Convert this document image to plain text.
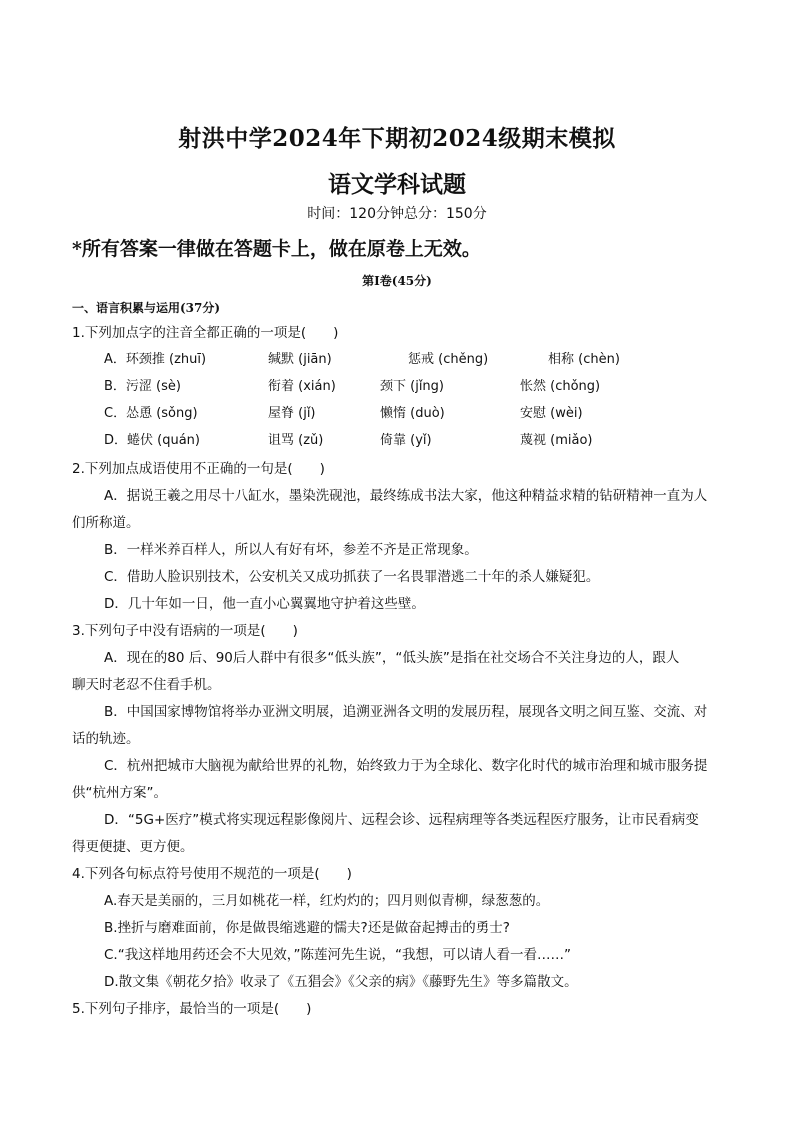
射洪中学2024年下期初2024级期末模拟
语文学科试题
时间：120分钟总分：150分
*所有答案一律做在答题卡上，做在原卷上无效。
第Ⅰ卷(45分)
一、语言积累与运用(37分)
1.下列加点字的注音全都正确的一项是(　　)
A．环颈推 (zhuī)	缄默 (jiān)	惩戒 (chěng)	相称 (chèn)
B．污涩 (sè)	衔着 (xián)	颈下 (jǐng)	怅然 (chǒng)
C．怂恿 (sǒng)	屋脊 (jǐ)	懒惰 (duò)	安慰 (wèi)
D．蜷伏 (quán)	诅骂 (zǔ)	倚靠 (yǐ)	蔑视 (miǎo)
2.下列加点成语使用不正确的一句是(　　)
A．据说王羲之用尽十八缸水，墨染洗砚池，最终练成书法大家，他这种精益求精的钻研精神一直为人
们所称道。
B．一样米养百样人，所以人有好有坏，参差不齐是正常现象。
C．借助人脸识别技术，公安机关又成功抓获了一名畏罪潜逃二十年的杀人嫌疑犯。
D．几十年如一日，他一直小心翼翼地守护着这些壁。
3.下列句子中没有语病的一项是(　　)
A．现在的80 后、90后人群中有很多“低头族”，“低头族”是指在社交场合不关注身边的人，跟人
聊天时老忍不住看手机。
B．中国国家博物馆将举办亚洲文明展，追溯亚洲各文明的发展历程，展现各文明之间互鉴、交流、对
话的轨迹。
C．杭州把城市大脑视为献给世界的礼物，始终致力于为全球化、数字化时代的城市治理和城市服务提
供“杭州方案”。
D．“5G+医疗”模式将实现远程影像阅片、远程会诊、远程病理等各类远程医疗服务，让市民看病变
得更便捷、更方便。
4.下列各句标点符号使用不规范的一项是(　　)
A.春天是美丽的，三月如桃花一样，红灼灼的；四月则似青柳，绿葱葱的。
B.挫折与磨难面前，你是做畏缩逃避的懦夫?还是做奋起搏击的勇士?
C.“我这样地用药还会不大见效，”陈莲河先生说，“我想，可以请人看一看……”
D.散文集《朝花夕拾》收录了《五猖会》《父亲的病》《藤野先生》等多篇散文。
5.下列句子排序，最恰当的一项是(　　)
